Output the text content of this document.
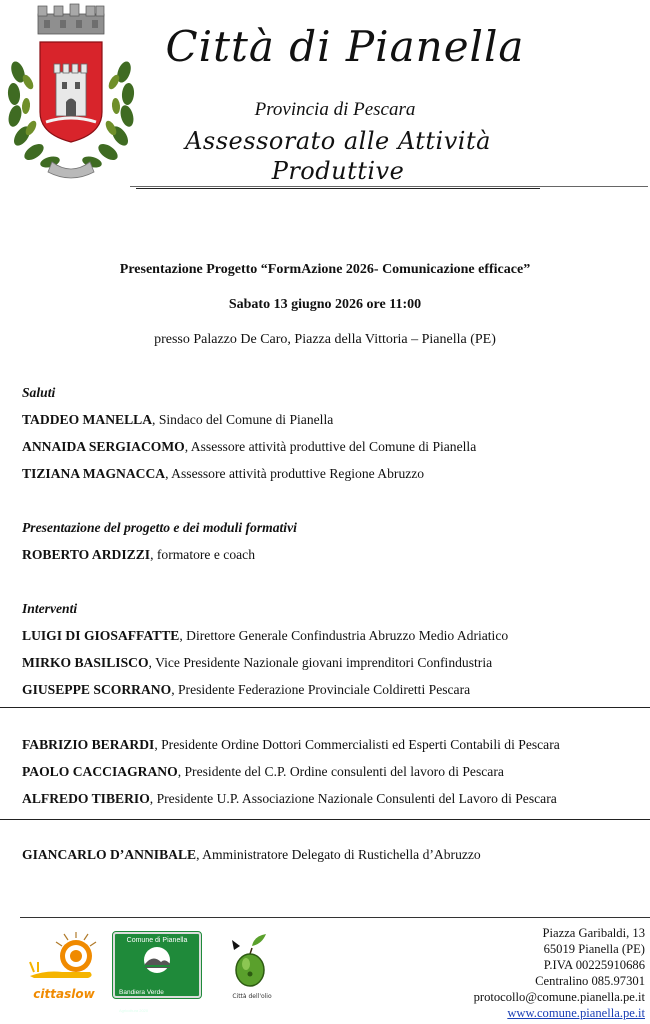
Città di Pianella
Provincia di Pescara
Assessorato alle Attività Produttive
Presentazione Progetto “FormAzione 2026- Comunicazione efficace”
Sabato 13 giugno 2026 ore 11:00
presso Palazzo De Caro, Piazza della Vittoria – Pianella (PE)
Saluti
TADDEO MANELLA, Sindaco del Comune di Pianella
ANNAIDA SERGIACOMO, Assessore attività produttive del Comune di Pianella
TIZIANA MAGNACCA, Assessore attività produttive Regione Abruzzo
Presentazione del progetto e dei moduli formativi
ROBERTO ARDIZZI, formatore e coach
Interventi
LUIGI DI GIOSAFFATTE, Direttore Generale Confindustria Abruzzo Medio Adriatico
MIRKO BASILISCO, Vice Presidente Nazionale giovani imprenditori Confindustria
GIUSEPPE SCORRANO, Presidente Federazione Provinciale Coldiretti Pescara
FABRIZIO BERARDI, Presidente Ordine Dottori Commercialisti ed Esperti Contabili di Pescara
PAOLO CACCIAGRANO, Presidente del C.P. Ordine consulenti del lavoro di Pescara
ALFREDO TIBERIO, Presidente U.P. Associazione Nazionale Consulenti del Lavoro di Pescara
GIANCARLO D’ANNIBALE, Amministratore Delegato di Rustichella d’Abruzzo
cittaslow
Comune di Pianella
Bandiera Verde Agricoltura 2020
Città dell'olio
Piazza Garibaldi, 13
65019 Pianella (PE)
P.IVA 00225910686
Centralino 085.97301
protocollo@comune.pianella.pe.it
www.comune.pianella.pe.it
